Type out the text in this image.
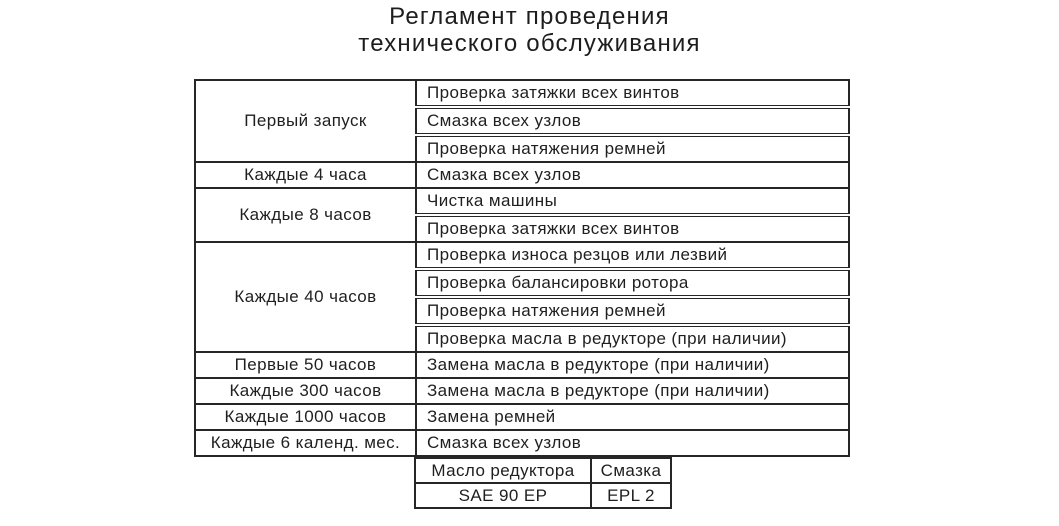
Регламент проведения
технического обслуживания
Первый запуск	Проверка затяжки всех винтов
	Смазка всех узлов
	Проверка натяжения ремней
Каждые 4 часа	Смазка всех узлов
Каждые 8 часов	Чистка машины
	Проверка затяжки всех винтов
Каждые 40 часов	Проверка износа резцов или лезвий
	Проверка балансировки ротора
	Проверка натяжения ремней
	Проверка масла в редукторе (при наличии)
Первые 50 часов	Замена масла в редукторе (при наличии)
Каждые 300 часов	Замена масла в редукторе (при наличии)
Каждые 1000 часов	Замена ремней
Каждые 6 календ. мес.	Смазка всех узлов
Масло редуктора	Смазка
SAE 90 EP	EPL 2
